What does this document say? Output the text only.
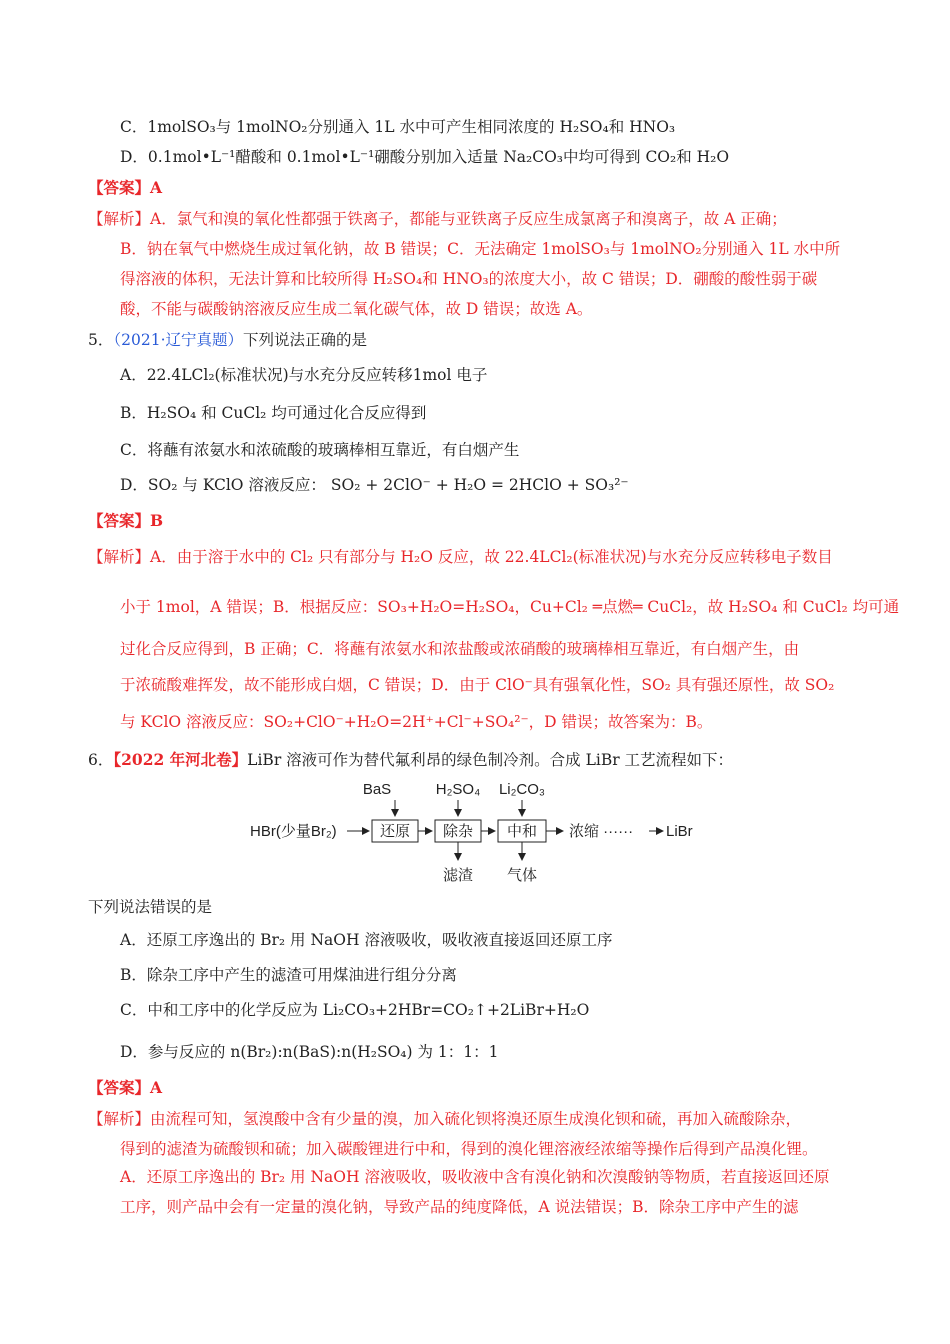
C．1molSO₃与 1molNO₂分别通入 1L 水中可产生相同浓度的 H₂SO₄和 HNO₃
D．0.1mol•L⁻¹醋酸和 0.1mol•L⁻¹硼酸分别加入适量 Na₂CO₃中均可得到 CO₂和 H₂O
【答案】A
【解析】A．氯气和溴的氧化性都强于铁离子，都能与亚铁离子反应生成氯离子和溴离子，故 A 正确；
B．钠在氧气中燃烧生成过氧化钠，故 B 错误；C．无法确定 1molSO₃与 1molNO₂分别通入 1L 水中所
得溶液的体积，无法计算和比较所得 H₂SO₄和 HNO₃的浓度大小，故 C 错误；D．硼酸的酸性弱于碳
酸，不能与碳酸钠溶液反应生成二氧化碳气体，故 D 错误；故选 A。
5．（2021·辽宁真题）下列说法正确的是
A．22.4LCl₂(标准状况)与水充分反应转移1mol 电子
B．H₂SO₄ 和 CuCl₂ 均可通过化合反应得到
C．将蘸有浓氨水和浓硫酸的玻璃棒相互靠近，有白烟产生
D．SO₂ 与 KClO 溶液反应： SO₂ + 2ClO⁻ + H₂O = 2HClO + SO₃²⁻
【答案】B
【解析】A．由于溶于水中的 Cl₂ 只有部分与 H₂O 反应，故 22.4LCl₂(标准状况)与水充分反应转移电子数目
小于 1mol，A 错误；B．根据反应：SO₃+H₂O=H₂SO₄，Cu+Cl₂ ═点燃═ CuCl₂，故 H₂SO₄ 和 CuCl₂ 均可通
过化合反应得到，B 正确；C．将蘸有浓氨水和浓盐酸或浓硝酸的玻璃棒相互靠近，有白烟产生，由
于浓硫酸难挥发，故不能形成白烟，C 错误；D．由于 ClO⁻具有强氧化性，SO₂ 具有强还原性，故 SO₂
与 KClO 溶液反应：SO₂+ClO⁻+H₂O=2H⁺+Cl⁻+SO₄²⁻，D 错误；故答案为：B。
6．【2022 年河北卷】LiBr 溶液可作为替代氟利昂的绿色制冷剂。合成 LiBr 工艺流程如下：
BaS	H₂SO₄ Li₂CO₃
HBr(少量Br₂)	还原 除杂 中和 浓缩 ······ LiBr
滤渣 气体
下列说法错误的是
A．还原工序逸出的 Br₂ 用 NaOH 溶液吸收，吸收液直接返回还原工序
B．除杂工序中产生的滤渣可用煤油进行组分分离
C．中和工序中的化学反应为 Li₂CO₃+2HBr=CO₂↑+2LiBr+H₂O
D．参与反应的 n(Br₂):n(BaS):n(H₂SO₄) 为 1：1：1
【答案】A
【解析】由流程可知，氢溴酸中含有少量的溴，加入硫化钡将溴还原生成溴化钡和硫，再加入硫酸除杂，
得到的滤渣为硫酸钡和硫；加入碳酸锂进行中和，得到的溴化锂溶液经浓缩等操作后得到产品溴化锂。
A．还原工序逸出的 Br₂ 用 NaOH 溶液吸收，吸收液中含有溴化钠和次溴酸钠等物质，若直接返回还原
工序，则产品中会有一定量的溴化钠，导致产品的纯度降低，A 说法错误；B．除杂工序中产生的滤
